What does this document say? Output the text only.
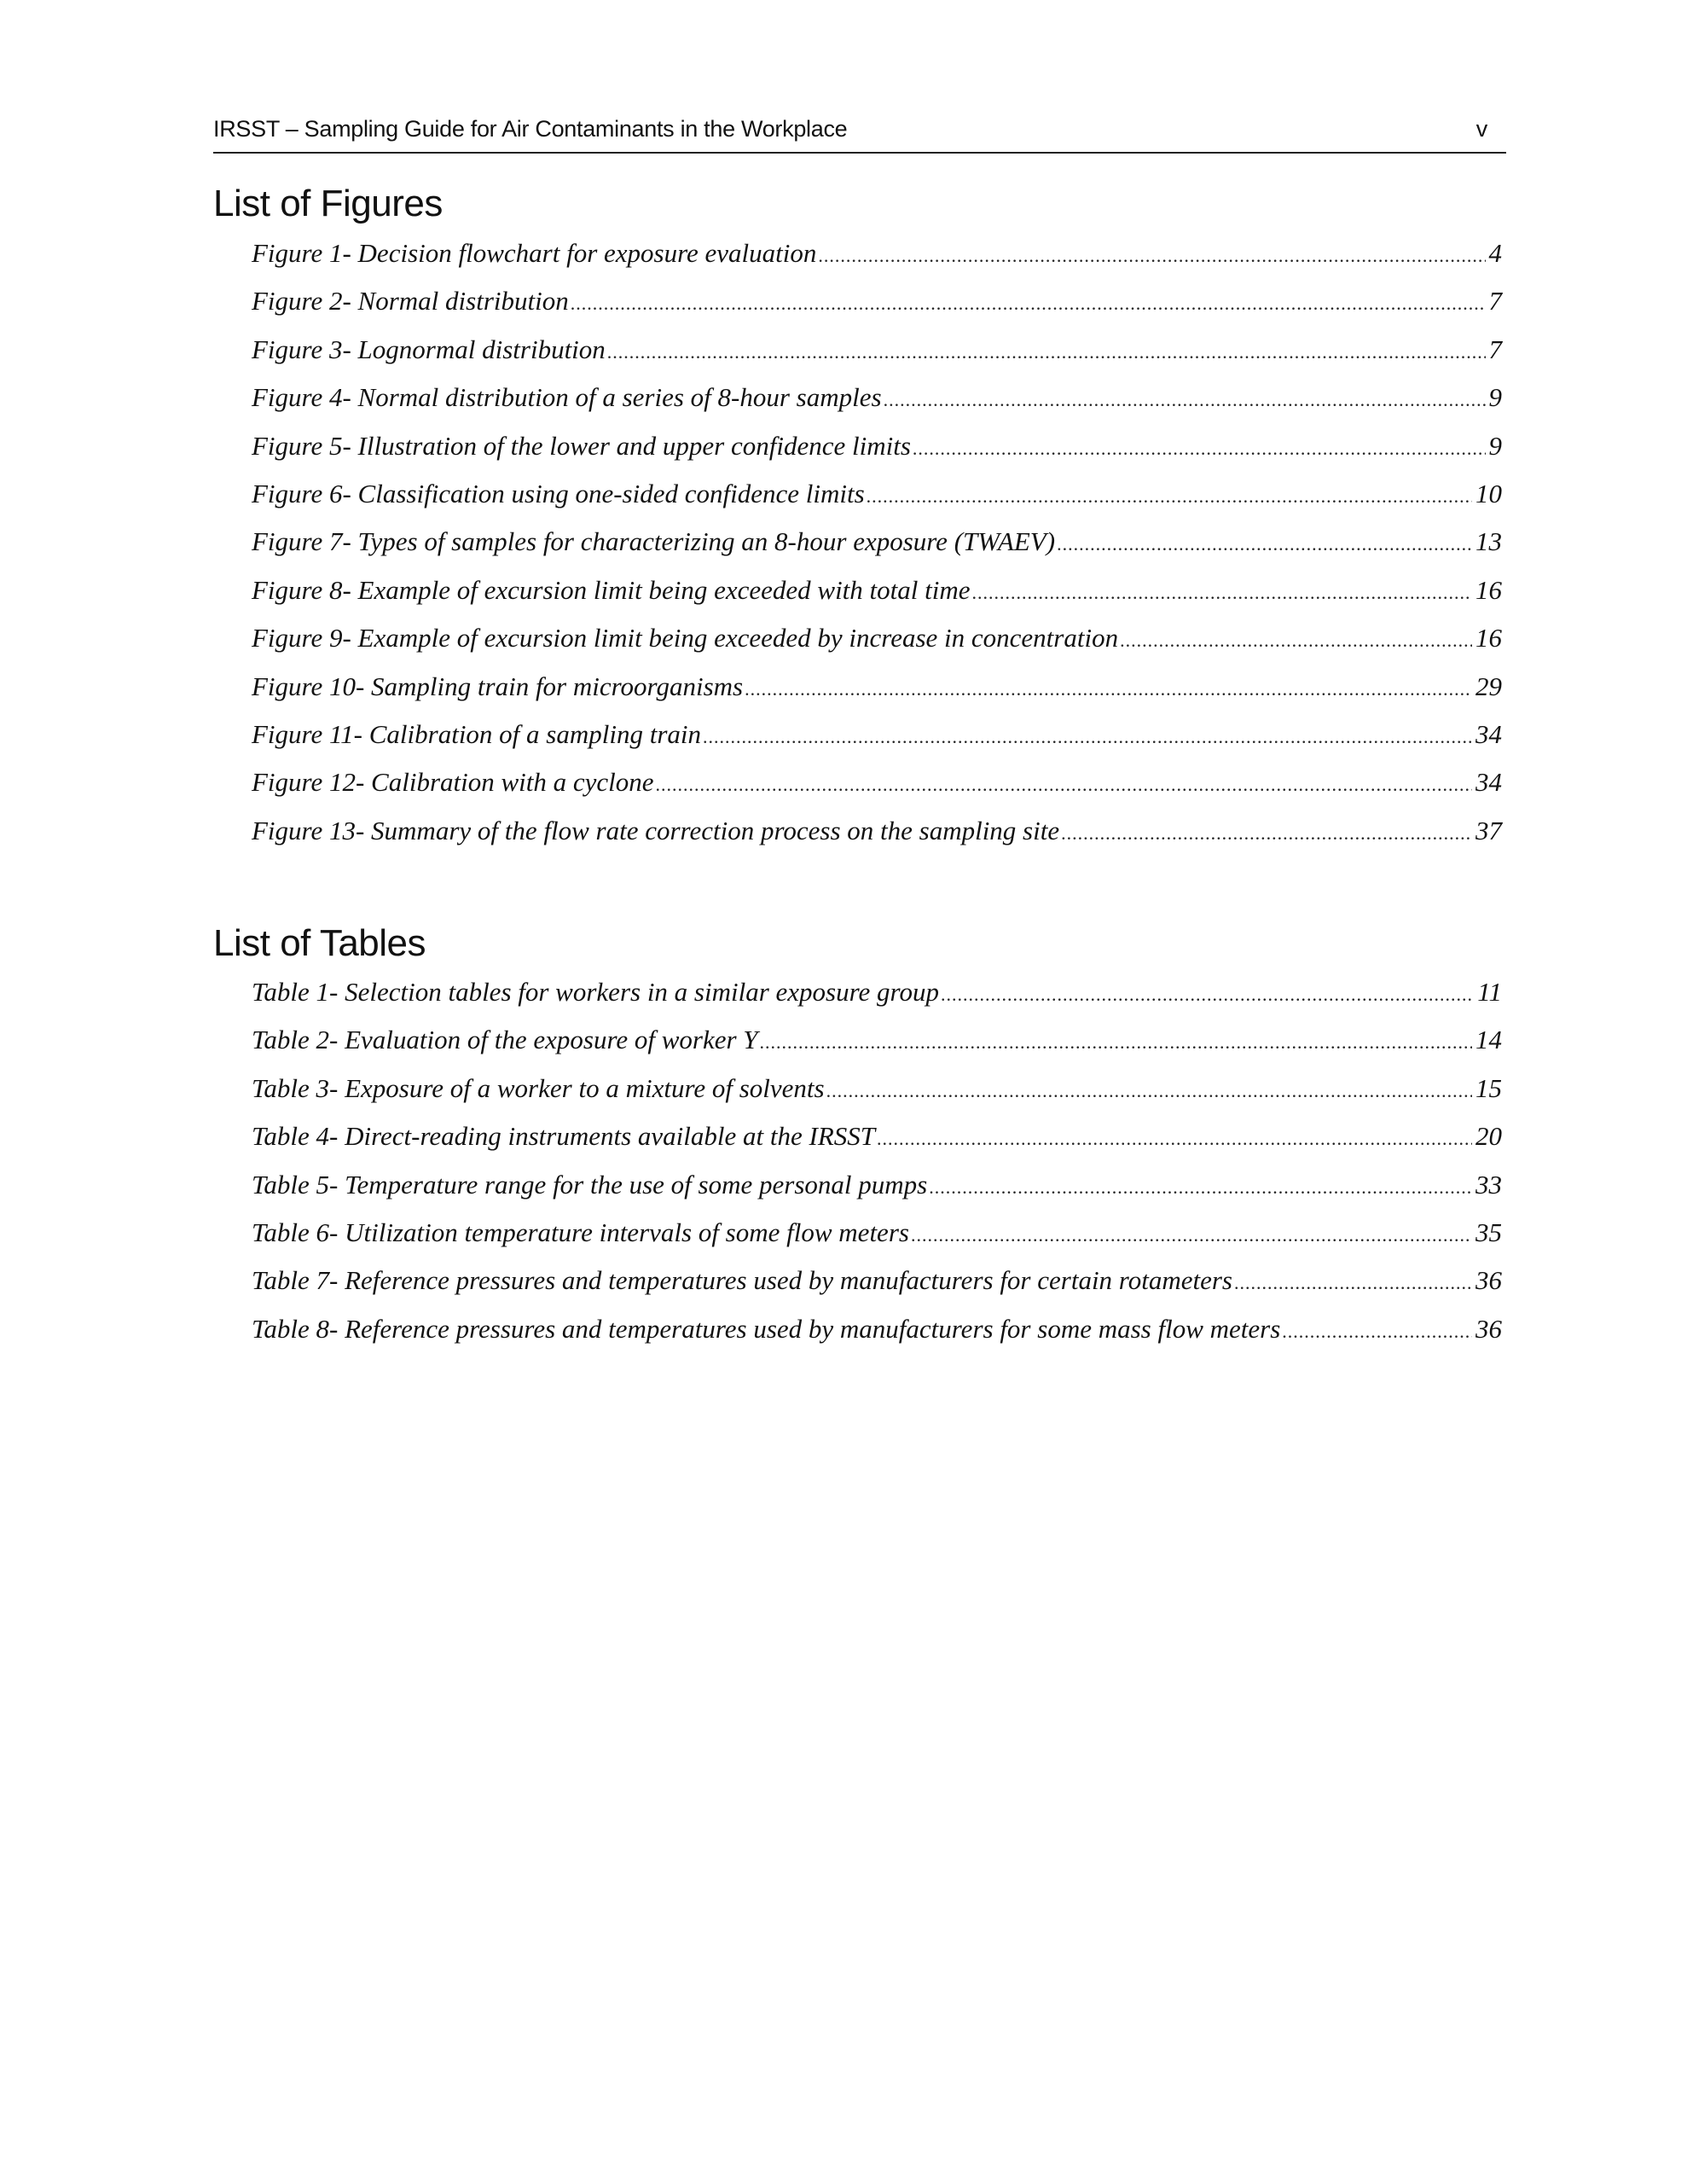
IRSST – Sampling Guide for Air Contaminants in the Workplace	v
List of Figures
Figure 1- Decision flowchart for exposure evaluation .....	4
Figure 2- Normal distribution .....	7
Figure 3- Lognormal distribution .....	7
Figure 4- Normal distribution of a series of 8-hour samples .....	9
Figure 5- Illustration of the lower and upper confidence limits .....	9
Figure 6- Classification using one-sided confidence limits .....	10
Figure 7- Types of samples for characterizing an 8-hour exposure (TWAEV) .....	13
Figure 8- Example of excursion limit being exceeded with total time .....	16
Figure 9- Example of excursion limit being exceeded by increase in concentration .....	16
Figure 10- Sampling train for microorganisms .....	29
Figure 11- Calibration of a sampling train .....	34
Figure 12- Calibration with a cyclone .....	34
Figure 13- Summary of the flow rate correction process on the sampling site .....	37
List of Tables
Table 1- Selection tables for workers in a similar exposure group .....	11
Table 2- Evaluation of the exposure of worker Y .....	14
Table 3- Exposure of a worker to a mixture of solvents .....	15
Table 4- Direct-reading instruments available at the IRSST .....	20
Table 5- Temperature range for the use of some personal pumps .....	33
Table 6- Utilization temperature intervals of some flow meters .....	35
Table 7- Reference pressures and temperatures used by manufacturers for certain rotameters .....	36
Table 8- Reference pressures and temperatures used by manufacturers for some mass flow meters .....	36
